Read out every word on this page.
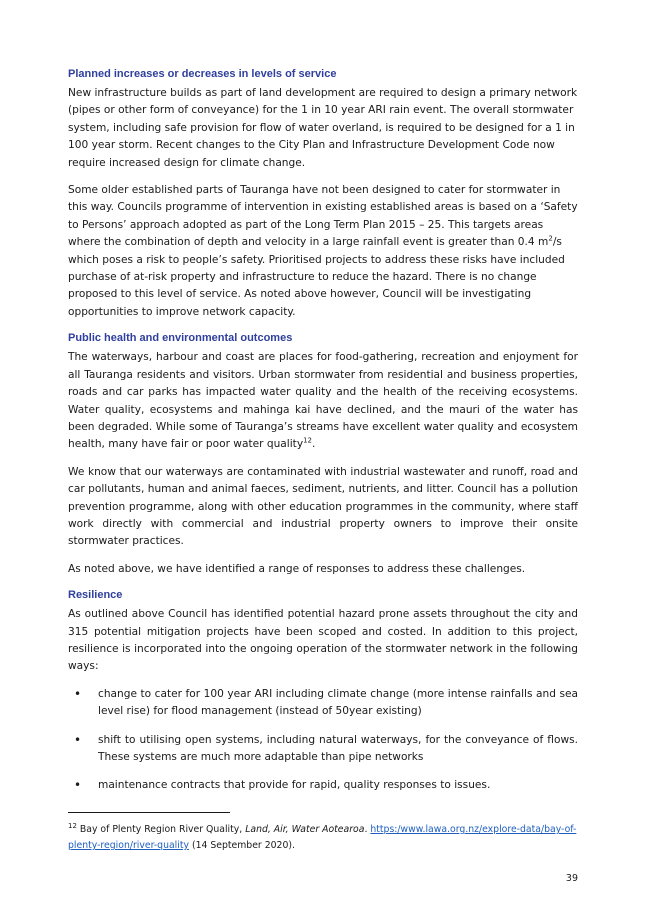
Planned increases or decreases in levels of service

New infrastructure builds as part of land development are required to design a primary network (pipes or other form of conveyance) for the 1 in 10 year ARI rain event. The overall stormwater system, including safe provision for flow of water overland, is required to be designed for a 1 in 100 year storm. Recent changes to the City Plan and Infrastructure Development Code now require increased design for climate change.

Some older established parts of Tauranga have not been designed to cater for stormwater in this way. Councils programme of intervention in existing established areas is based on a ‘Safety to Persons’ approach adopted as part of the Long Term Plan 2015 – 25. This targets areas where the combination of depth and velocity in a large rainfall event is greater than 0.4 $m^2/s$ which poses a risk to people’s safety. Prioritised projects to address these risks have included purchase of at-risk property and infrastructure to reduce the hazard. There is no change proposed to this level of service. As noted above however, Council will be investigating opportunities to improve network capacity.

Public health and environmental outcomes

The waterways, harbour and coast are places for food-gathering, recreation and enjoyment for all Tauranga residents and visitors. Urban stormwater from residential and business properties, roads and car parks has impacted water quality and the health of the receiving ecosystems. Water quality, ecosystems and mahinga kai have declined, and the mauri of the water has been degraded. While some of Tauranga’s streams have excellent water quality and ecosystem health, many have fair or poor water quality$^{12}$.

We know that our waterways are contaminated with industrial wastewater and runoff, road and car pollutants, human and animal faeces, sediment, nutrients, and litter. Council has a pollution prevention programme, along with other education programmes in the community, where staff work directly with commercial and industrial property owners to improve their onsite stormwater practices.

As noted above, we have identified a range of responses to address these challenges.

Resilience

As outlined above Council has identified potential hazard prone assets throughout the city and 315 potential mitigation projects have been scoped and costed. In addition to this project, resilience is incorporated into the ongoing operation of the stormwater network in the following ways:

• change to cater for 100 year ARI including climate change (more intense rainfalls and sea level rise) for flood management (instead of 50year existing)
• shift to utilising open systems, including natural waterways, for the conveyance of flows. These systems are much more adaptable than pipe networks
• maintenance contracts that provide for rapid, quality responses to issues.
$^{12}$ Bay of Plenty Region River Quality, Land, Air, Water Aotearoa. https:/www.lawa.org.nz/explore-data/bay-of-plenty-region/river-quality (14 September 2020).
39
